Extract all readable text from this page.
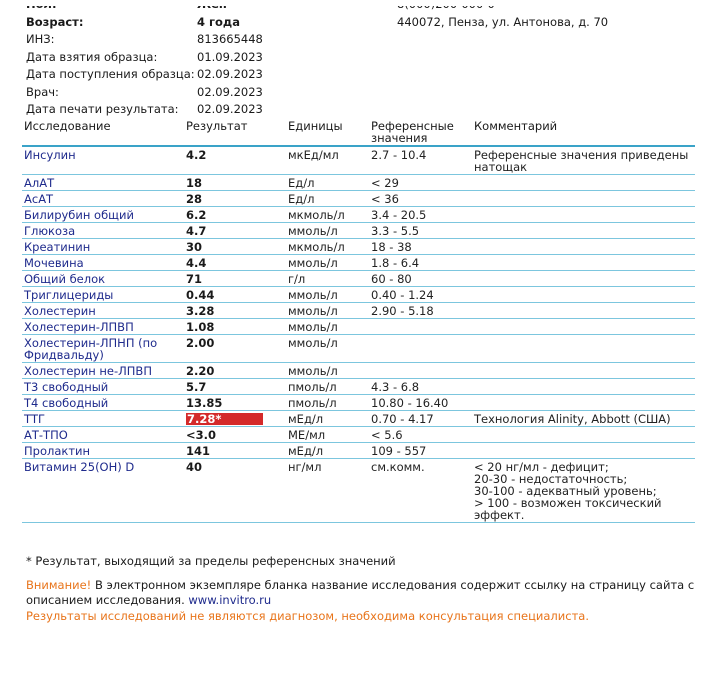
Возраст:	4 года
ИНЗ:	813665448
Дата взятия образца:	01.09.2023
Дата поступления образца: 02.09.2023
Врач:	02.09.2023
Дата печати результата:	02.09.2023
440072, Пенза, ул. Антонова, д. 70
Исследование	Результат	Единицы	Референсные
значения	Комментарий
Инсулин	4.2	мкЕд/мл	2.7 - 10.4	Референсные значения приведены натощак
АлАТ	18	Ед/л	< 29	
АсАТ	28	Ед/л	< 36	
Билирубин общий	6.2	мкмоль/л	3.4 - 20.5	
Глюкоза	4.7	ммоль/л	3.3 - 5.5	
Креатинин	30	мкмоль/л	18 - 38	
Мочевина	4.4	ммоль/л	1.8 - 6.4	
Общий белок	71	г/л	60 - 80	
Триглицериды	0.44	ммоль/л	0.40 - 1.24	
Холестерин	3.28	ммоль/л	2.90 - 5.18	
Холестерин-ЛПВП	1.08	ммоль/л		
Холестерин-ЛПНП (по Фридвальду)	2.00	ммоль/л		
Холестерин не-ЛПВП	2.20	ммоль/л		
Т3 свободный	5.7	пмоль/л	4.3 - 6.8	
Т4 свободный	13.85	пмоль/л	10.80 - 16.40	
ТТГ	7.28*	мЕд/л	0.70 - 4.17	Технология Alinity, Abbott (США)
АТ-ТПО	<3.0	МЕ/мл	< 5.6	
Пролактин	141	мЕд/л	109 - 557	
Витамин 25(OH) D	40	нг/мл	см.комм.	< 20 нг/мл - дефицит;
20-30 - недостаточность;
30-100 - адекватный уровень;
> 100 - возможен токсический эффект.
* Результат, выходящий за пределы референсных значений
Внимание! В электронном экземпляре бланка название исследования содержит ссылку на страницу сайта с описанием исследования. www.invitro.ru
Результаты исследований не являются диагнозом, необходима консультация специалиста.
